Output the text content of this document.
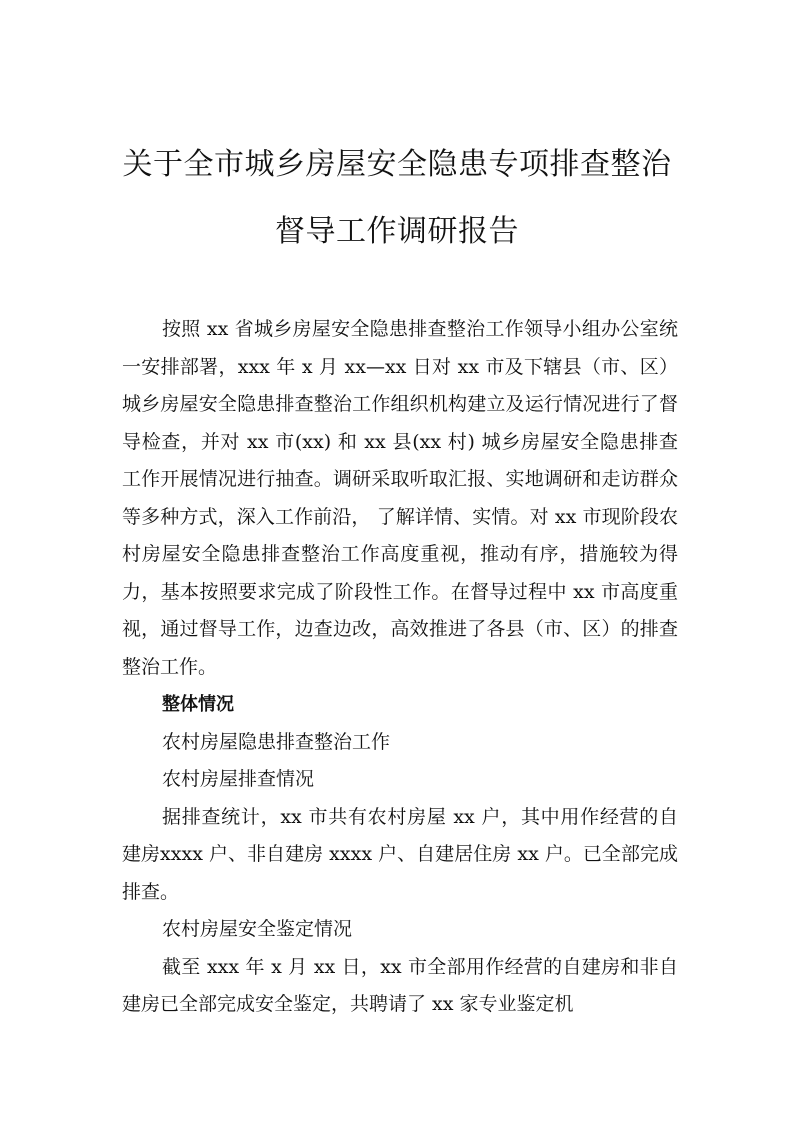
关于全市城乡房屋安全隐患专项排查整治
督导工作调研报告

按照 xx 省城乡房屋安全隐患排查整治工作领导小组办公室统一安排部署，xxx 年 x 月 xx—xx 日对 xx 市及下辖县（市、区）城乡房屋安全隐患排查整治工作组织机构建立及运行情况进行了督导检查，并对 xx 市(xx) 和 xx 县(xx 村) 城乡房屋安全隐患排查工作开展情况进行抽查。调研采取听取汇报、实地调研和走访群众等多种方式，深入工作前沿， 了解详情、实情。对 xx 市现阶段农村房屋安全隐患排查整治工作高度重视，推动有序，措施较为得力，基本按照要求完成了阶段性工作。在督导过程中 xx 市高度重视，通过督导工作，边查边改，高效推进了各县（市、区）的排查整治工作。

整体情况

农村房屋隐患排查整治工作

农村房屋排查情况

据排查统计，xx 市共有农村房屋 xx 户，其中用作经营的自建房xxxx 户、非自建房 xxxx 户、自建居住房 xx 户。已全部完成排查。

农村房屋安全鉴定情况

截至 xxx 年 x 月 xx 日，xx 市全部用作经营的自建房和非自建房已全部完成安全鉴定，共聘请了 xx 家专业鉴定机
